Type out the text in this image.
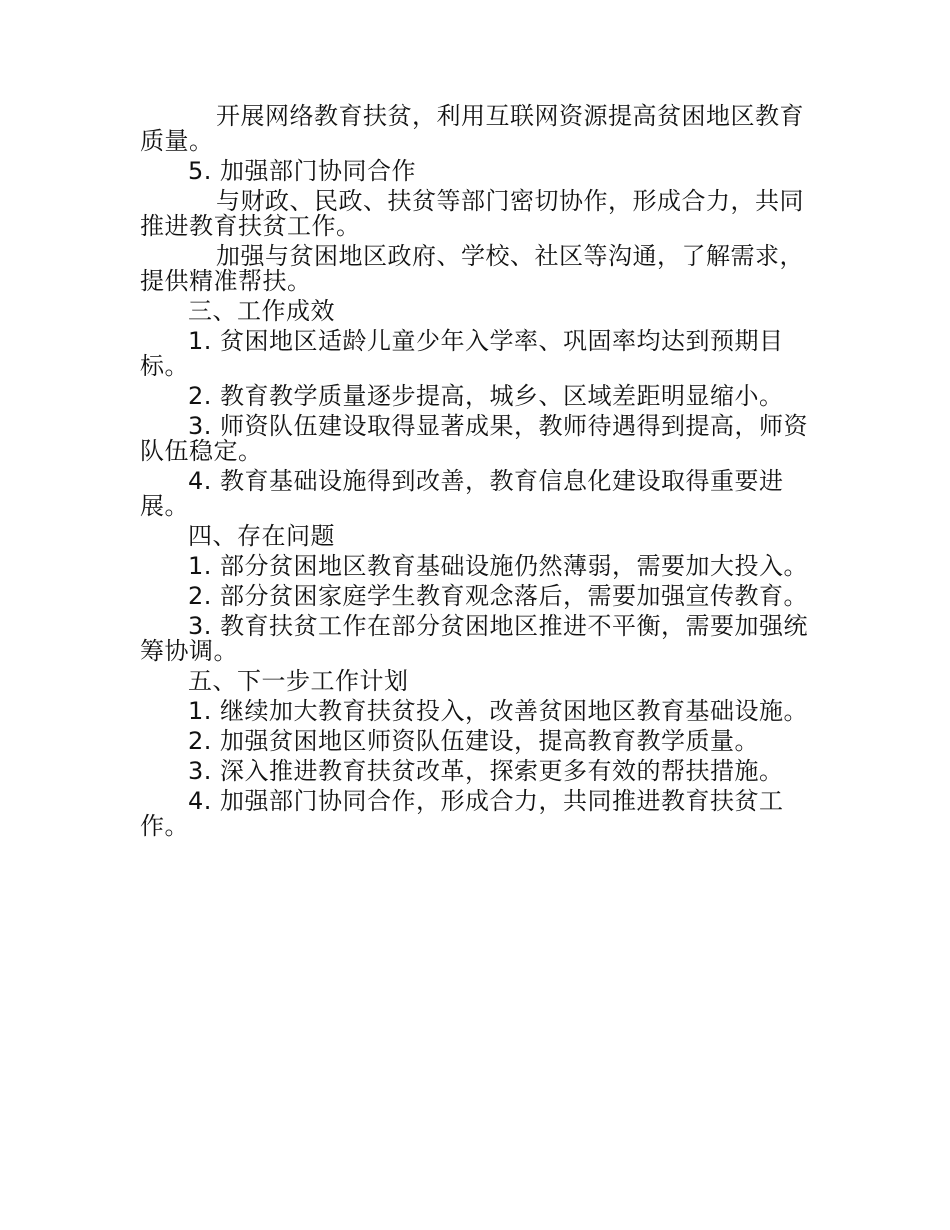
开展网络教育扶贫，利用互联网资源提高贫困地区教育质量。

5. 加强部门协同合作

与财政、民政、扶贫等部门密切协作，形成合力，共同推进教育扶贫工作。

加强与贫困地区政府、学校、社区等沟通，了解需求，提供精准帮扶。

三、工作成效

1. 贫困地区适龄儿童少年入学率、巩固率均达到预期目标。

2. 教育教学质量逐步提高，城乡、区域差距明显缩小。

3. 师资队伍建设取得显著成果，教师待遇得到提高，师资队伍稳定。

4. 教育基础设施得到改善，教育信息化建设取得重要进展。

四、存在问题

1. 部分贫困地区教育基础设施仍然薄弱，需要加大投入。

2. 部分贫困家庭学生教育观念落后，需要加强宣传教育。

3. 教育扶贫工作在部分贫困地区推进不平衡，需要加强统筹协调。

五、下一步工作计划

1. 继续加大教育扶贫投入，改善贫困地区教育基础设施。

2. 加强贫困地区师资队伍建设，提高教育教学质量。

3. 深入推进教育扶贫改革，探索更多有效的帮扶措施。

4. 加强部门协同合作，形成合力，共同推进教育扶贫工作。
